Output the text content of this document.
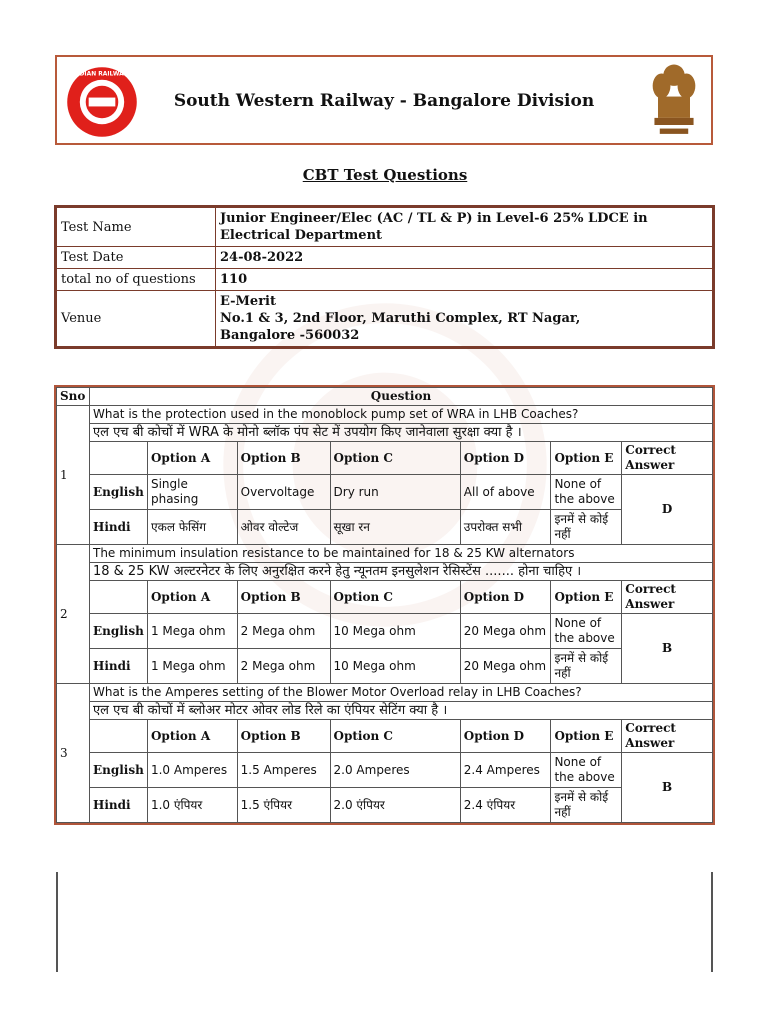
INDIAN RAILWAYS
South Western Railway - Bangalore Division
CBT Test Questions
Test Name	Junior Engineer/Elec (AC / TL & P) in Level-6 25% LDCE in Electrical Department
Test Date	24-08-2022
total no of questions	110
Venue	E-Merit
No.1 & 3, 2nd Floor, Maruthi Complex, RT Nagar,
Bangalore -560032
Sno	Question						
1	What is the protection used in the monoblock pump set of WRA in LHB Coaches?						
	एल एच बी कोचों में WRA के मोनो ब्लॉक पंप सेट में उपयोग किए जानेवाला सुरक्षा क्या है ।						
		Option A	Option B	Option C	Option D	Option E	Correct Answer
	English	Single phasing	Overvoltage	Dry run	All of above	None of the above	D
	Hindi	एकल फेसिंग	ओवर वोल्टेज	सूखा रन	उपरोक्त सभी	इनमें से कोई नहीं	
2	The minimum insulation resistance to be maintained for 18 & 25 KW alternators						
	18 & 25 KW अल्टरनेटर के लिए अनुरक्षित करने हेतु न्यूनतम इनसुलेशन रेसिस्टेंस ....... होना चाहिए ।						
		Option A	Option B	Option C	Option D	Option E	Correct Answer
	English	1 Mega ohm	2 Mega ohm	10 Mega ohm	20 Mega ohm	None of the above	B
	Hindi	1 Mega ohm	2 Mega ohm	10 Mega ohm	20 Mega ohm	इनमें से कोई नहीं	
3	What is the Amperes setting of the Blower Motor Overload relay in LHB Coaches?						
	एल एच बी कोचों में ब्लोअर मोटर ओवर लोड रिले का एंपियर सेटिंग क्या है ।						
		Option A	Option B	Option C	Option D	Option E	Correct Answer
	English	1.0 Amperes	1.5 Amperes	2.0 Amperes	2.4 Amperes	None of the above	B
	Hindi	1.0 एंपियर	1.5 एंपियर	2.0 एंपियर	2.4 एंपियर	इनमें से कोई नहीं	
